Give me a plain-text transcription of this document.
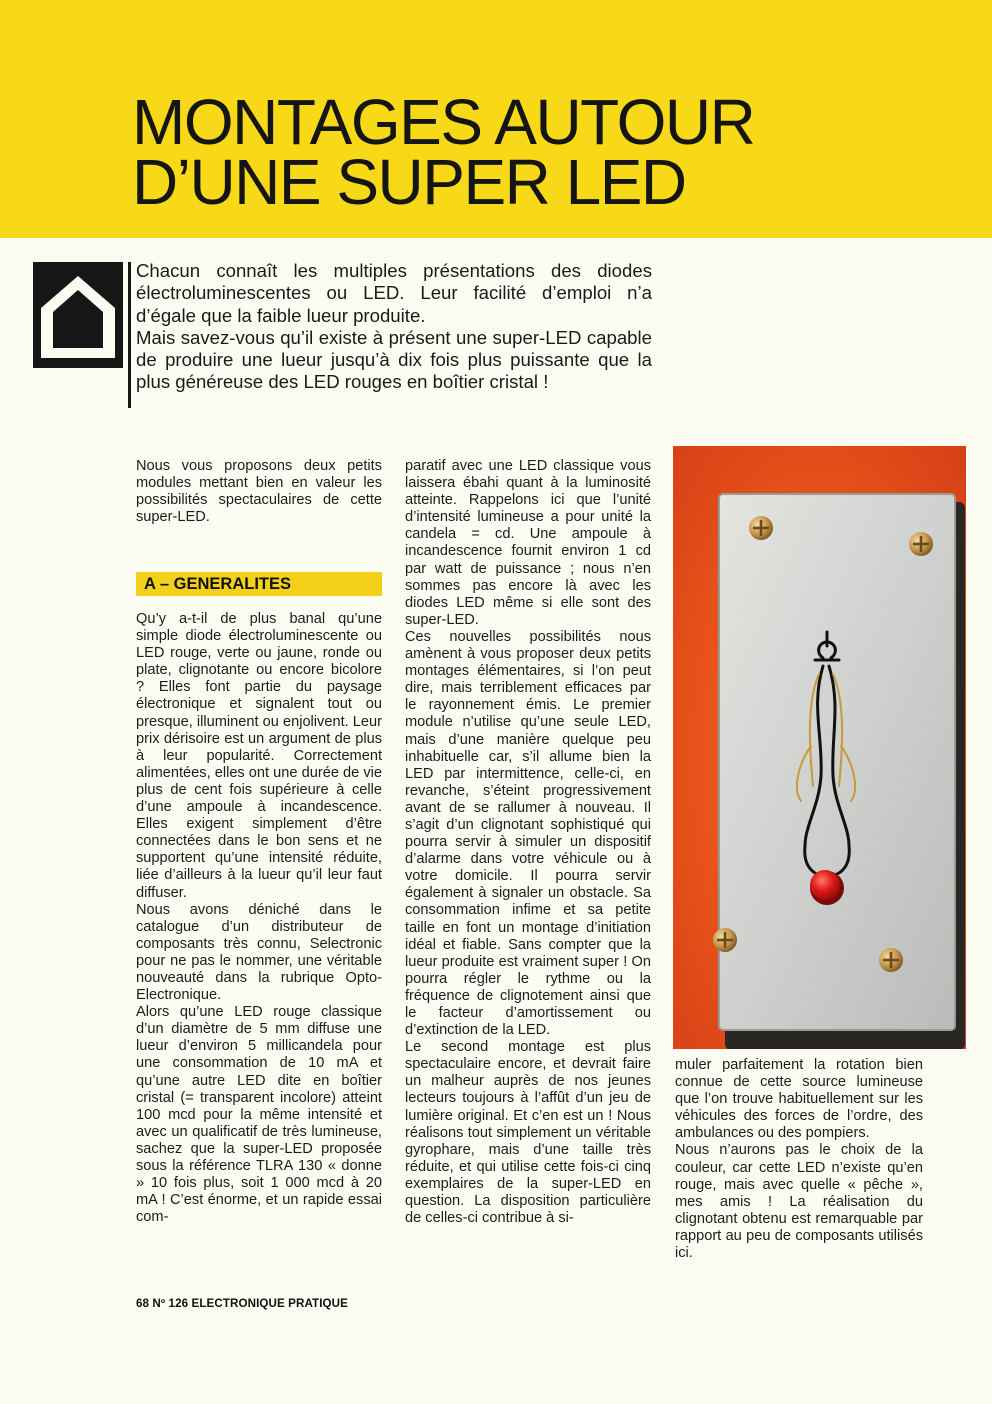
MONTAGES AUTOUR
D’UNE SUPER LED

Chacun connaît les multiples présentations des diodes électroluminescentes ou LED. Leur facilité d’emploi n’a d’égale que la faible lueur produite.

Mais savez-vous qu’il existe à présent une super-LED capable de produire une lueur jusqu’à dix fois plus puissante que la plus généreuse des LED rouges en boîtier cristal !

Nous vous proposons deux petits modules mettant bien en valeur les possibilités spectaculaires de cette super-LED.

A – GENERALITES

Qu’y a-t-il de plus banal qu’une simple diode électroluminescente ou LED rouge, verte ou jaune, ronde ou plate, clignotante ou encore bicolore ? Elles font partie du paysage électronique et signalent tout ou presque, illuminent ou enjolivent. Leur prix dérisoire est un argument de plus à leur popularité. Correctement alimentées, elles ont une durée de vie plus de cent fois supérieure à celle d’une ampoule à incandescence. Elles exigent simplement d’être connectées dans le bon sens et ne supportent qu’une intensité réduite, liée d’ailleurs à la lueur qu’il leur faut diffuser.

Nous avons déniché dans le catalogue d’un distributeur de composants très connu, Selectronic pour ne pas le nommer, une véritable nouveauté dans la rubrique Opto-Electronique.

Alors qu’une LED rouge classique d’un diamètre de 5 mm diffuse une lueur d’environ 5 millicandela pour une consommation de 10 mA et qu’une autre LED dite en boîtier cristal (= transparent incolore) atteint 100 mcd pour la même intensité et avec un qualificatif de très lumineuse, sachez que la super-LED proposée sous la référence TLRA 130 « donne » 10 fois plus, soit 1 000 mcd à 20 mA ! C’est énorme, et un rapide essai com-

paratif avec une LED classique vous laissera ébahi quant à la luminosité atteinte. Rappelons ici que l’unité d’intensité lumineuse a pour unité la candela = cd. Une ampoule à incandescence fournit environ 1 cd par watt de puissance ; nous n’en sommes pas encore là avec les diodes LED même si elle sont des super-LED.

Ces nouvelles possibilités nous amènent à vous proposer deux petits montages élémentaires, si l’on peut dire, mais terriblement efficaces par le rayonnement émis. Le premier module n’utilise qu’une seule LED, mais d’une manière quelque peu inhabituelle car, s’il allume bien la LED par intermittence, celle-ci, en revanche, s’éteint progressivement avant de se rallumer à nouveau. Il s’agit d’un clignotant sophistiqué qui pourra servir à simuler un dispositif d’alarme dans votre véhicule ou à votre domicile. Il pourra servir également à signaler un obstacle. Sa consommation infime et sa petite taille en font un montage d’initiation idéal et fiable. Sans compter que la lueur produite est vraiment super ! On pourra régler le rythme ou la fréquence de clignotement ainsi que le facteur d’amortissement ou d’extinction de la LED.

Le second montage est plus spectaculaire encore, et devrait faire un malheur auprès de nos jeunes lecteurs toujours à l’affût d’un jeu de lumière original. Et c’en est un ! Nous réalisons tout simplement un véritable gyrophare, mais d’une taille très réduite, et qui utilise cette fois-ci cinq exemplaires de la super-LED en question. La disposition particulière de celles-ci contribue à si-

muler parfaitement la rotation bien connue de cette source lumineuse que l’on trouve habituellement sur les véhicules des forces de l’ordre, des ambulances ou des pompiers.

Nous n’aurons pas le choix de la couleur, car cette LED n’existe qu’en rouge, mais avec quelle « pêche », mes amis ! La réalisation du clignotant obtenu est remarquable par rapport au peu de composants utilisés ici.

68 Nº 126 ELECTRONIQUE PRATIQUE
